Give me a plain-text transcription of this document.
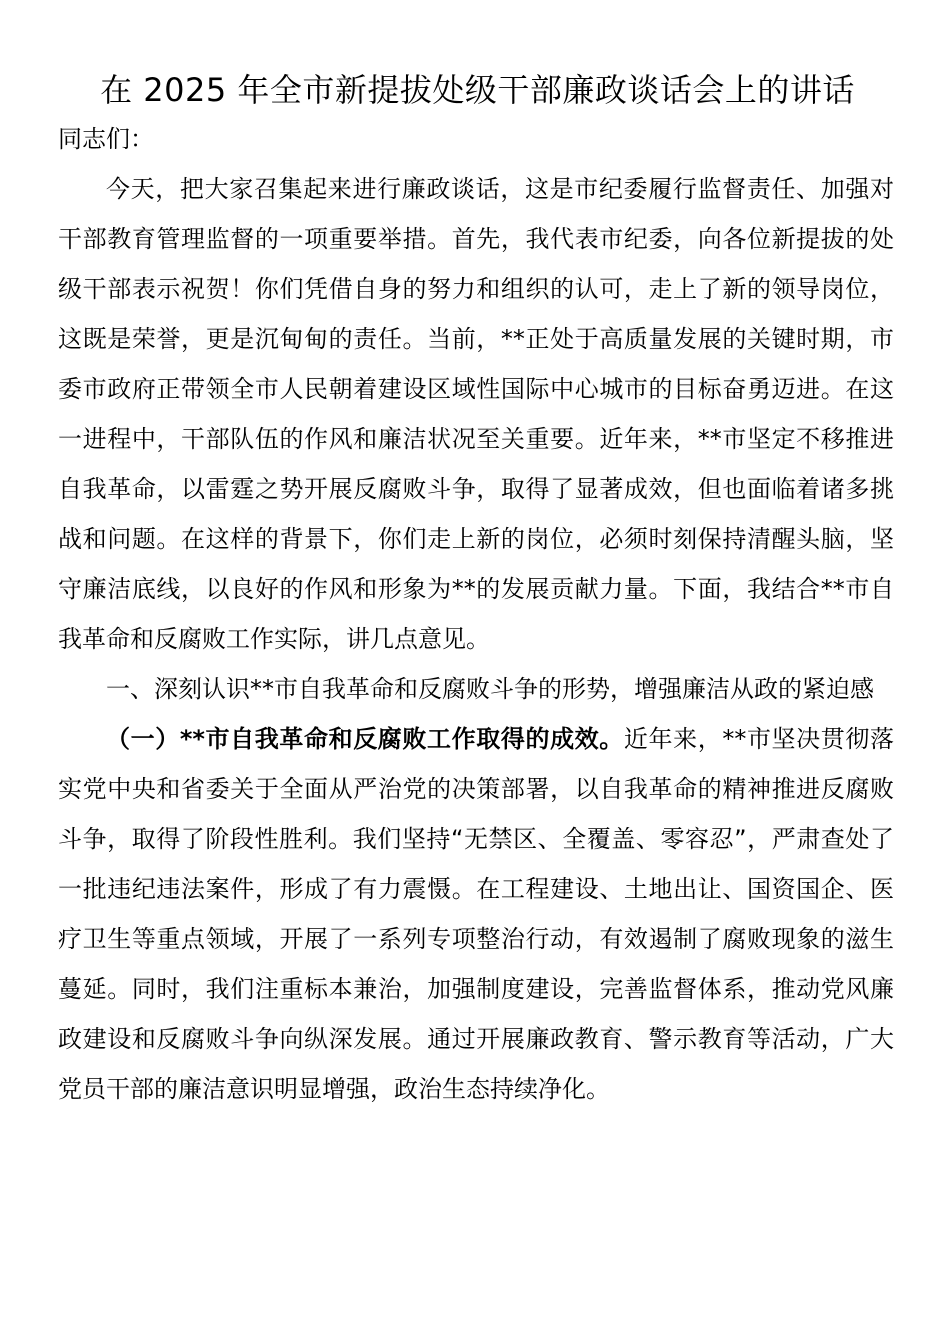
在 2025 年全市新提拔处级干部廉政谈话会上的讲话

同志们：

今天，把大家召集起来进行廉政谈话，这是市纪委履行监督责任、加强对干部教育管理监督的一项重要举措。首先，我代表市纪委，向各位新提拔的处级干部表示祝贺！你们凭借自身的努力和组织的认可，走上了新的领导岗位，这既是荣誉，更是沉甸甸的责任。当前，**正处于高质量发展的关键时期，市委市政府正带领全市人民朝着建设区域性国际中心城市的目标奋勇迈进。在这一进程中，干部队伍的作风和廉洁状况至关重要。近年来，**市坚定不移推进自我革命，以雷霆之势开展反腐败斗争，取得了显著成效，但也面临着诸多挑战和问题。在这样的背景下，你们走上新的岗位，必须时刻保持清醒头脑，坚守廉洁底线，以良好的作风和形象为**的发展贡献力量。下面，我结合**市自我革命和反腐败工作实际，讲几点意见。

一、深刻认识**市自我革命和反腐败斗争的形势，增强廉洁从政的紧迫感

（一）**市自我革命和反腐败工作取得的成效。近年来，**市坚决贯彻落实党中央和省委关于全面从严治党的决策部署，以自我革命的精神推进反腐败斗争，取得了阶段性胜利。我们坚持“无禁区、全覆盖、零容忍”，严肃查处了一批违纪违法案件，形成了有力震慑。在工程建设、土地出让、国资国企、医疗卫生等重点领域，开展了一系列专项整治行动，有效遏制了腐败现象的滋生蔓延。同时，我们注重标本兼治，加强制度建设，完善监督体系，推动党风廉政建设和反腐败斗争向纵深发展。通过开展廉政教育、警示教育等活动，广大党员干部的廉洁意识明显增强，政治生态持续净化。
